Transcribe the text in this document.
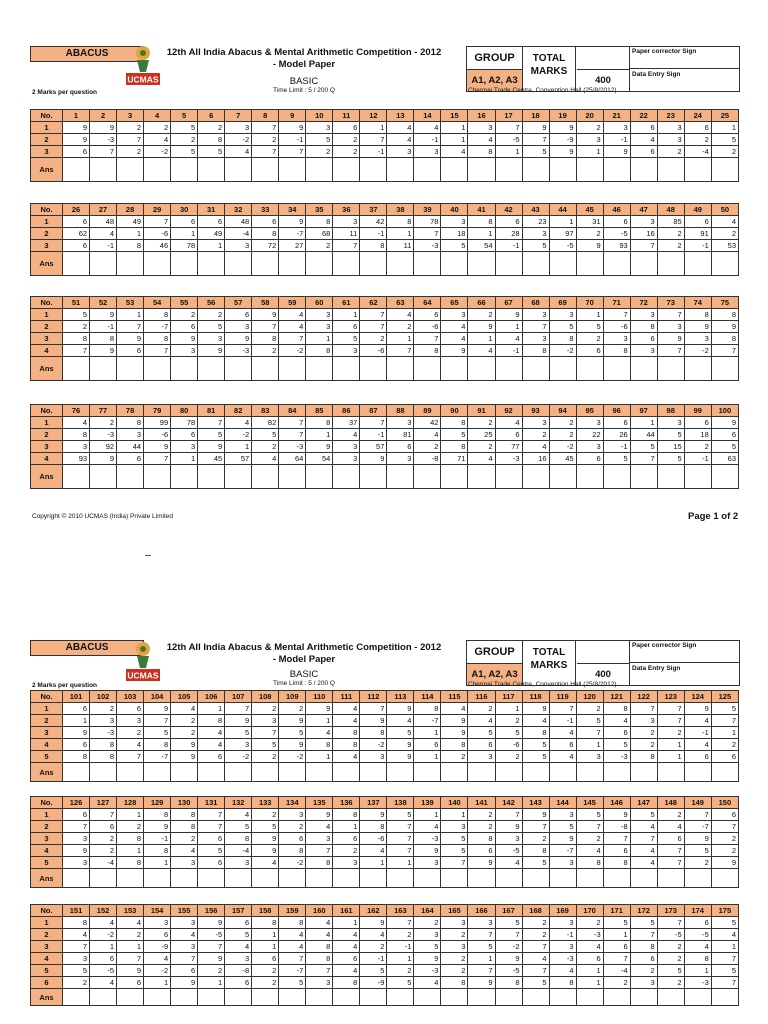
ABACUS
UCMAS
12th All India Abacus & Mental Arithmetic Competition - 2012 - Model Paper
BASIC
Time Limit : 5 / 200 Q
2 Marks per question
GROUP
A1, A2, A3
TOTAL MARKS
400
Paper corrector Sign
Data Entry Sign
Chennai Trade Centre, Convention Hall (25/8/2012)
ABACUS
UCMAS
12th All India Abacus & Mental Arithmetic Competition - 2012 - Model Paper
BASIC
Time Limit : 5 / 200 Q
2 Marks per question
GROUP
A1, A2, A3
TOTAL MARKS
400
Paper corrector Sign
Data Entry Sign
Chennai Trade Centre, Convention Hall (25/8/2012)
No.	1	2	3	4	5	6	7	8	9	10	11	12	13	14	15	16	17	18	19	20	21	22	23	24	25
1	9	9	2	2	5	2	3	7	9	3	6	1	4	4	1	3	7	9	9	2	3	6	3	6	1
2	9	-3	7	4	2	8	-2	2	-1	5	2	7	4	-1	1	4	-5	7	-9	3	-1	4	3	2	5
3	6	7	2	-2	5	5	4	7	7	2	2	-1	3	3	4	8	1	5	9	1	9	6	2	-4	2
Ans																									
No.	26	27	28	29	30	31	32	33	34	35	36	37	38	39	40	41	42	43	44	45	46	47	48	49	50
1	6	48	49	7	6	6	48	6	9	8	3	42	8	78	3	8	6	23	1	31	6	3	85	6	4
2	62	4	1	-6	1	49	-4	8	-7	68	11	-1	1	7	18	1	28	3	97	2	-5	16	2	91	2
3	6	-1	8	46	78	1	3	72	27	2	7	8	11	-3	5	54	-1	5	-5	9	93	7	2	-1	53
Ans																									
No.	51	52	53	54	55	56	57	58	59	60	61	62	63	64	65	66	67	68	69	70	71	72	73	74	75
1	5	9	1	8	2	2	6	9	4	3	1	7	4	6	3	2	9	3	3	1	7	3	7	8	8
2	2	-1	7	-7	6	5	3	7	4	3	6	7	2	-6	4	9	1	7	5	5	-6	8	3	9	9
3	8	8	9	8	9	3	9	8	7	1	5	2	1	7	4	1	4	3	8	2	3	6	9	3	8
4	7	9	6	7	3	9	-3	2	-2	8	3	-6	7	8	9	4	-1	8	-2	6	8	3	7	-2	7
Ans																									
No.	76	77	78	79	80	81	82	83	84	85	86	87	88	89	90	91	92	93	94	95	96	97	98	99	100
1	4	2	8	99	78	7	4	82	7	8	37	7	3	42	8	2	4	3	2	3	6	1	3	6	9
2	8	-3	3	-6	6	5	-2	5	7	1	4	-1	81	4	5	25	6	2	2	22	26	44	5	18	6
3	3	92	44	9	3	9	1	2	-3	9	3	57	6	2	8	2	77	4	-2	3	-1	5	15	2	5
4	93	9	6	7	1	45	57	4	64	54	3	9	3	-8	71	4	-3	16	45	6	5	7	5	-1	63
Ans																									
No.	101	102	103	104	105	106	107	108	109	110	111	112	113	114	115	116	117	118	119	120	121	122	123	124	125
1	6	2	6	9	4	1	7	2	2	9	4	7	9	8	4	2	1	9	7	2	8	7	7	9	5
2	1	3	3	7	2	8	9	3	9	1	4	9	4	-7	9	4	2	4	-1	5	4	3	7	4	7
3	9	-3	2	5	2	4	5	7	5	4	8	8	5	1	9	5	5	8	4	7	6	2	2	-1	1
4	6	8	4	8	9	4	3	5	9	8	8	-2	9	6	8	6	-6	5	6	1	5	2	1	4	2
5	8	8	7	-7	9	6	-2	2	-2	1	4	3	9	1	2	3	2	5	4	3	-3	8	1	6	6
Ans																									
No.	126	127	128	129	130	131	132	133	134	135	136	137	138	139	140	141	142	143	144	145	146	147	148	149	150
1	6	7	1	8	8	7	4	2	3	9	8	9	5	1	1	2	7	9	3	5	9	5	2	7	6
2	7	6	2	9	8	7	5	5	2	4	1	8	7	4	3	2	9	7	5	7	-8	4	4	-7	7
3	3	2	8	-1	2	6	8	9	6	3	6	-6	7	-3	5	8	3	2	9	2	7	7	6	9	2
4	9	2	1	8	4	5	-4	9	8	7	2	4	7	9	5	6	-5	8	-7	4	6	4	7	5	2
5	3	-4	8	1	3	6	3	4	-2	8	3	1	1	3	7	9	4	5	3	8	8	4	7	2	9
Ans																									
No.	151	152	153	154	155	156	157	158	159	160	161	162	163	164	165	166	167	168	169	170	171	172	173	174	175
1	8	4	4	3	3	9	6	8	8	4	1	9	7	2	3	3	5	2	3	2	5	5	7	6	5
2	4	-2	2	6	4	-5	5	1	4	4	4	4	2	3	2	7	7	2	-1	-3	1	7	-5	-5	4
3	7	1	1	-9	3	7	4	1	4	8	4	2	-1	5	3	5	-2	7	3	4	6	8	2	4	1
4	3	6	7	4	7	9	3	6	7	8	6	-1	1	9	2	1	9	4	-3	6	7	6	2	8	7
5	5	-5	9	-2	6	2	-8	2	-7	7	4	5	2	-3	2	7	-5	7	4	1	-4	2	5	1	5
6	2	4	6	1	9	1	6	2	5	3	8	-9	5	4	8	9	8	5	8	1	2	3	2	-3	7
Ans																									
Copyright © 2010 UCMAS (India) Private Limited	Page 1 of 2
